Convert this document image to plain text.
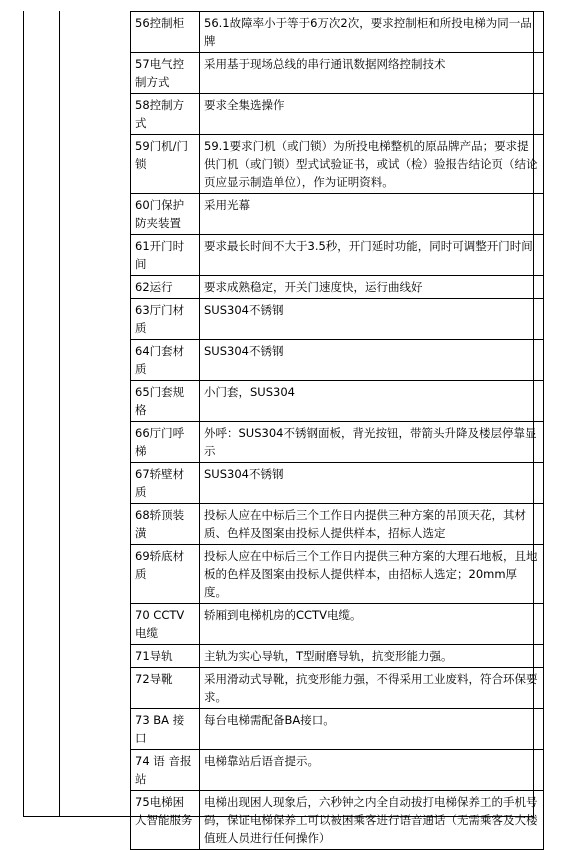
56控制柜	56.1故障率小于等于6万次2次，要求控制柜和所投电梯为同一品牌
57电气控制方式	采用基于现场总线的串行通讯数据网络控制技术
58控制方式	要求全集选操作
59门机/门锁	59.1要求门机（或门锁）为所投电梯整机的原品牌产品；要求提供门机（或门锁）型式试验证书，或试（检）验报告结论页（结论页应显示制造单位），作为证明资料。
60门保护防夹装置	采用光幕
61开门时间	要求最长时间不大于3.5秒，开门延时功能，同时可调整开门时间
62运行	要求成熟稳定，开关门速度快，运行曲线好
63厅门材质	SUS304不锈钢
64门套材质	SUS304不锈钢
65门套规格	小门套，SUS304
66厅门呼梯	外呼：SUS304不锈钢面板，背光按钮，带箭头升降及楼层停靠显示
67轿壁材质	SUS304不锈钢
68轿顶装潢	投标人应在中标后三个工作日内提供三种方案的吊顶天花，其材质、色样及图案由投标人提供样本，招标人选定
69轿底材质	投标人应在中标后三个工作日内提供三种方案的大理石地板，且地板的色样及图案由投标人提供样本，由招标人选定；20mm厚度。
70 CCTV电缆	轿厢到电梯机房的CCTV电缆。
71导轨	主轨为实心导轨，T型耐磨导轨，抗变形能力强。
72导靴	采用滑动式导靴，抗变形能力强，不得采用工业废料，符合环保要求。
73 BA 接口	每台电梯需配备BA接口。
74 语 音报站	电梯靠站后语音提示。
75电梯困人智能服务	电梯出现困人现象后，六秒钟之内全自动拔打电梯保养工的手机号码，保证电梯保养工可以被困乘客进行语音通话（无需乘客及大楼值班人员进行任何操作）
